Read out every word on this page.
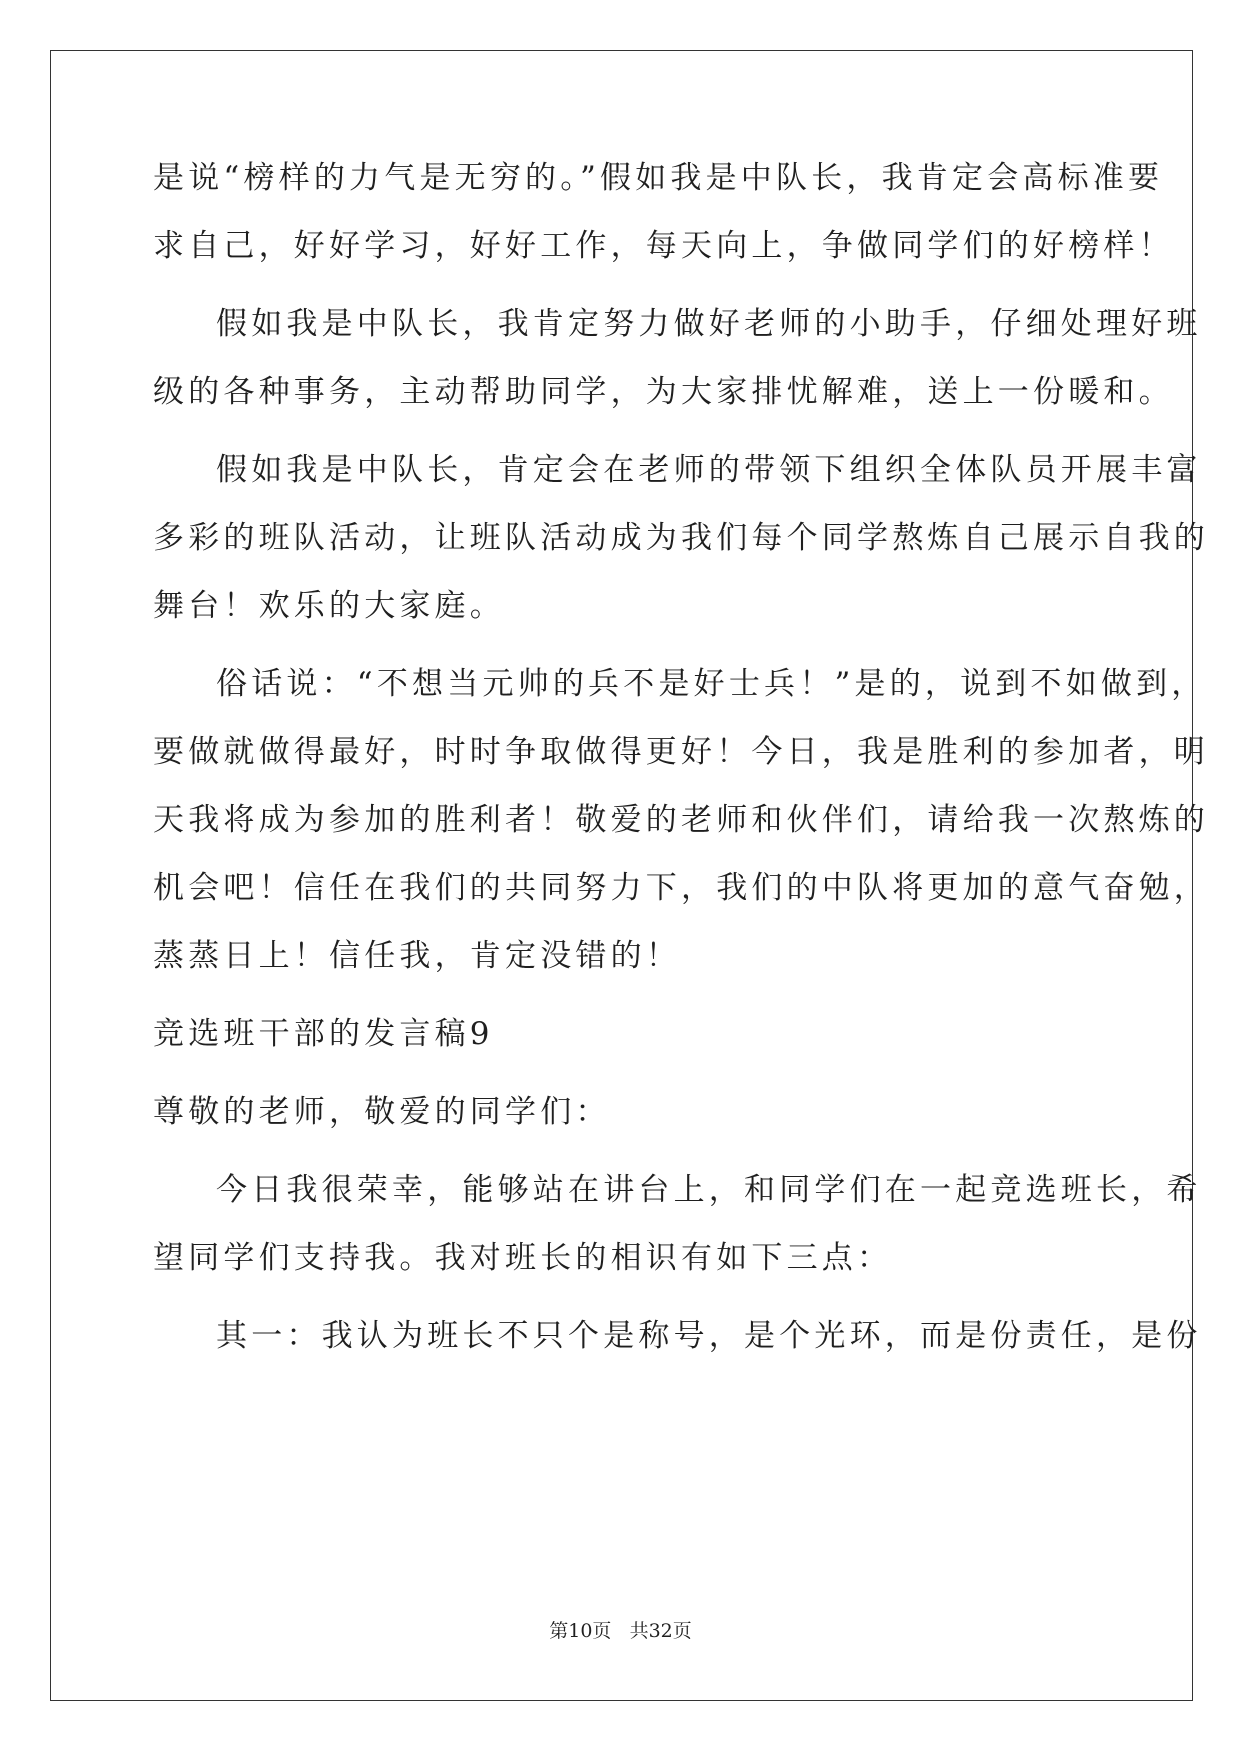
是说“榜样的力气是无穷的。”假如我是中队长，我肯定会高标准要
求自己，好好学习，好好工作，每天向上，争做同学们的好榜样！
假如我是中队长，我肯定努力做好老师的小助手，仔细处理好班
级的各种事务，主动帮助同学，为大家排忧解难，送上一份暖和。
假如我是中队长，肯定会在老师的带领下组织全体队员开展丰富
多彩的班队活动，让班队活动成为我们每个同学熬炼自己展示自我的
舞台！欢乐的大家庭。
俗话说：“不想当元帅的兵不是好士兵！”是的，说到不如做到，
要做就做得最好，时时争取做得更好！今日，我是胜利的参加者，明
天我将成为参加的胜利者！敬爱的老师和伙伴们，请给我一次熬炼的
机会吧！信任在我们的共同努力下，我们的中队将更加的意气奋勉，
蒸蒸日上！信任我，肯定没错的！
竞选班干部的发言稿9
尊敬的老师，敬爱的同学们：
今日我很荣幸，能够站在讲台上，和同学们在一起竞选班长，希
望同学们支持我。我对班长的相识有如下三点：
其一：我认为班长不只个是称号，是个光环，而是份责任，是份
第10页 共32页
